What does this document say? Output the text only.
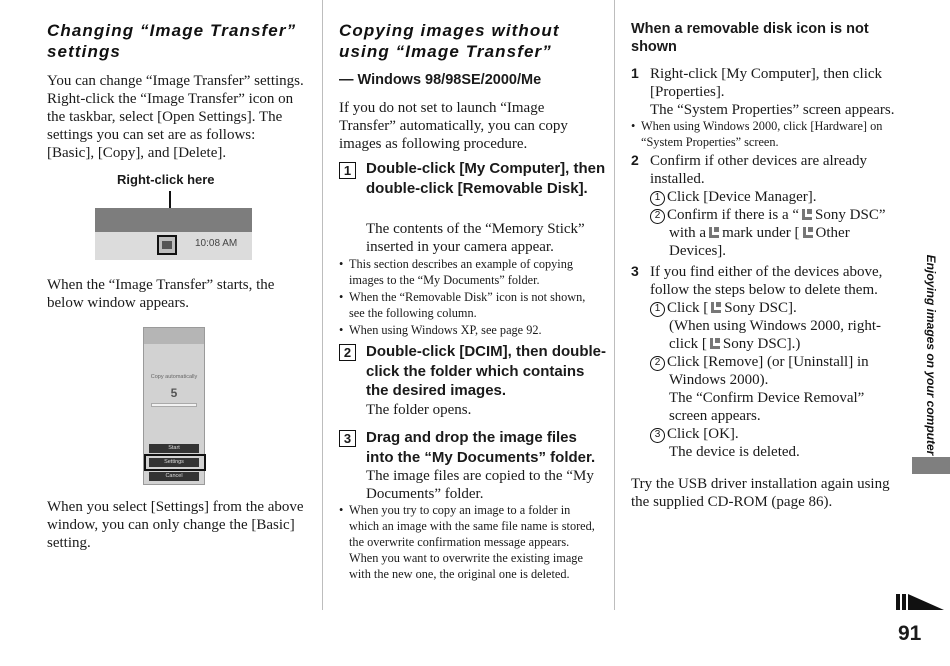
Changing “Image Transfer” settings
You can change “Image Transfer” settings. Right-click the “Image Transfer” icon on the taskbar, select [Open Settings]. The settings you can set are as follows: [Basic], [Copy], and [Delete].
Right-click here
10:08 AM
When the “Image Transfer” starts, the below window appears.
Copy automatically
5
Start
Settings
Cancel
When you select [Settings] from the above window, you can only change the [Basic] setting.
Copying images without using “Image Transfer”
— Windows 98/98SE/2000/Me
If you do not set to launch “Image Transfer” automatically, you can copy images as following procedure.
1 Double-click [My Computer], then double-click [Removable Disk].
The contents of the “Memory Stick” inserted in your camera appear.
• This section describes an example of copying images to the “My Documents” folder.
• When the “Removable Disk” icon is not shown, see the following column.
• When using Windows XP, see page 92.
2 Double-click [DCIM], then double-click the folder which contains the desired images.
The folder opens.
3 Drag and drop the image files into the “My Documents” folder.
The image files are copied to the “My Documents” folder.
• When you try to copy an image to a folder in which an image with the same file name is stored, the overwrite confirmation message appears. When you want to overwrite the existing image with the new one, the original one is deleted.
When a removable disk icon is not shown
1 Right-click [My Computer], then click [Properties].
The “System Properties” screen appears.
• When using Windows 2000, click [Hardware] on “System Properties” screen.
2 Confirm if other devices are already installed.
1 Click [Device Manager].
2 Confirm if there is a “ Sony DSC” with a mark under [ Other Devices].
3 If you find either of the devices above, follow the steps below to delete them.
1 Click [ Sony DSC].
(When using Windows 2000, right-click [ Sony DSC].)
2 Click [Remove] (or [Uninstall] in Windows 2000).
The “Confirm Device Removal” screen appears.
3 Click [OK].
The device is deleted.
Try the USB driver installation again using the supplied CD-ROM (page 86).
Enjoying images on your computer
91
